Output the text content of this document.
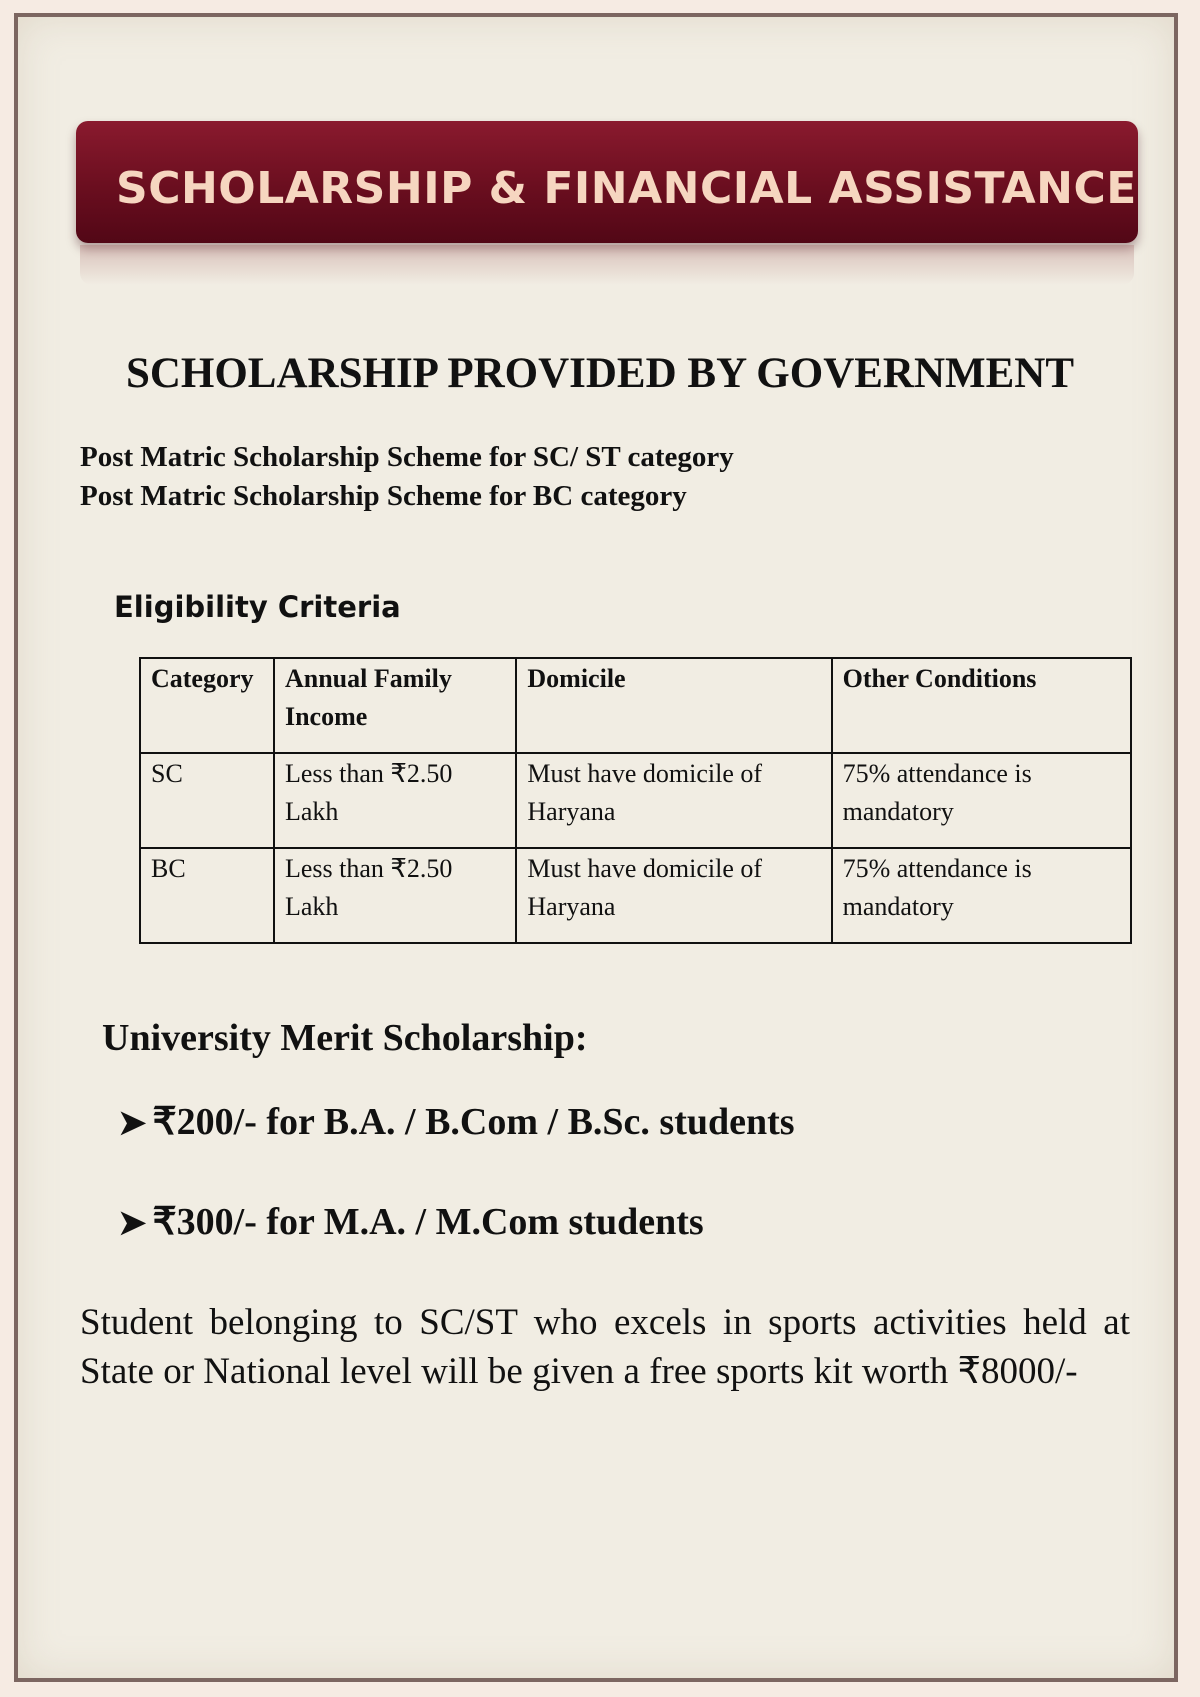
SCHOLARSHIP & FINANCIAL ASSISTANCE
SCHOLARSHIP PROVIDED BY GOVERNMENT
Post Matric Scholarship Scheme for SC/ ST category
Post Matric Scholarship Scheme for BC category
Eligibility Criteria
Category	Annual Family Income	Domicile	Other Conditions
SC	Less than ₹2.50 Lakh	Must have domicile of Haryana	75% attendance is mandatory
BC	Less than ₹2.50 Lakh	Must have domicile of Haryana	75% attendance is mandatory
University Merit Scholarship:
➤ ₹200/- for B.A. / B.Com / B.Sc. students
➤ ₹300/- for M.A. / M.Com students

Student belonging to SC/ST who excels in sports activities held at State or National level will be given a free sports kit worth ₹8000/-
